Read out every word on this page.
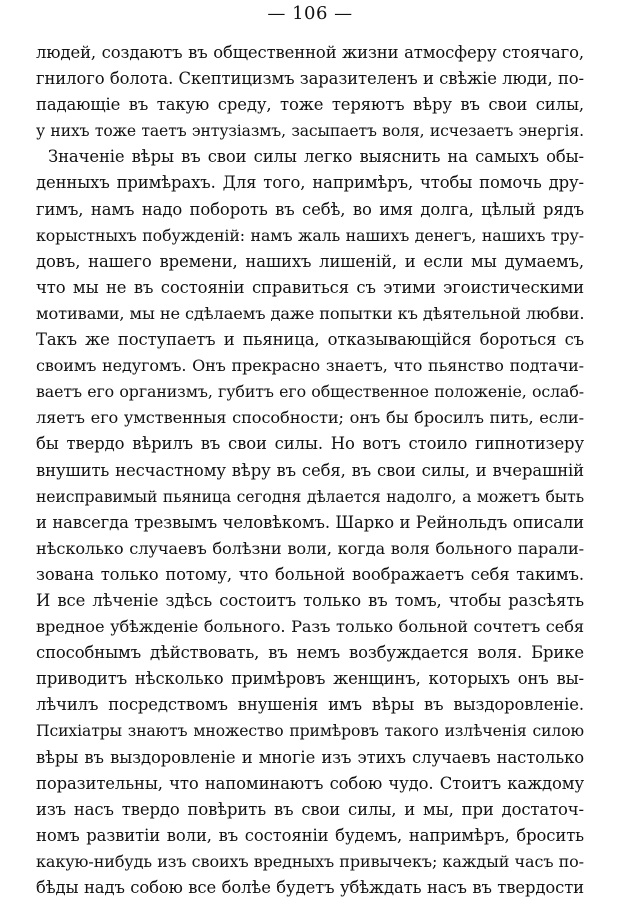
— 106 —
людей, создаютъ въ общественной жизни атмосферу стоячаго,
гнилого болота. Скептицизмъ заразителенъ и свѣжіе люди, по-
падающіе въ такую среду, тоже теряютъ вѣру въ свои силы,
у нихъ тоже таетъ энтузіазмъ, засыпаетъ воля, исчезаетъ энергія.
Значеніе вѣры въ свои силы легко выяснить на самыхъ обы-
денныхъ примѣрахъ. Для того, напримѣръ, чтобы помочь дру-
гимъ, намъ надо побороть въ себѣ, во имя долга, цѣлый рядъ
корыстныхъ побужденій: намъ жаль нашихъ денегъ, нашихъ тру-
довъ, нашего времени, нашихъ лишеній, и если мы думаемъ,
что мы не въ состояніи справиться съ этими эгоистическими
мотивами, мы не сдѣлаемъ даже попытки къ дѣятельной любви.
Такъ же поступаетъ и пьяница, отказывающійся бороться съ
своимъ недугомъ. Онъ прекрасно знаетъ, что пьянство подтачи-
ваетъ его организмъ, губитъ его общественное положеніе, ослаб-
ляетъ его умственныя способности; онъ бы бросилъ пить, если-
бы твердо вѣрилъ въ свои силы. Но вотъ стоило гипнотизеру
внушить несчастному вѣру въ себя, въ свои силы, и вчерашній
неисправимый пьяница сегодня дѣлается надолго, а можетъ быть
и навсегда трезвымъ человѣкомъ. Шарко и Рейнольдъ описали
нѣсколько случаевъ болѣзни воли, когда воля больного парали-
зована только потому, что больной воображаетъ себя такимъ.
И все лѣченіе здѣсь состоитъ только въ томъ, чтобы разсѣять
вредное убѣжденіе больного. Разъ только больной сочтетъ себя
способнымъ дѣйствовать, въ немъ возбуждается воля. Брике
приводитъ нѣсколько примѣровъ женщинъ, которыхъ онъ вы-
лѣчилъ посредствомъ внушенія имъ вѣры въ выздоровленіе.
Психіатры знаютъ множество примѣровъ такого излѣченія силою
вѣры въ выздоровленіе и многіе изъ этихъ случаевъ настолько
поразительны, что напоминаютъ собою чудо. Стоитъ каждому
изъ насъ твердо повѣрить въ свои силы, и мы, при достаточ-
номъ развитіи воли, въ состояніи будемъ, напримѣръ, бросить
какую-нибудь изъ своихъ вредныхъ привычекъ; каждый часъ по-
бѣды надъ собою все болѣе будетъ убѣждать насъ въ твердости
